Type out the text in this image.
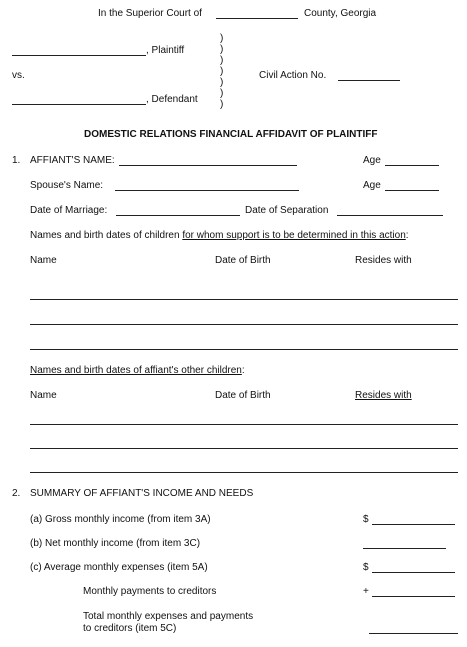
In the Superior Court of	County, Georgia
, Plaintiff
vs.	Civil Action No.
, Defendant
)
)
)
)
)
)
)
DOMESTIC RELATIONS FINANCIAL AFFIDAVIT OF PLAINTIFF
1. AFFIANT'S NAME:	Age
Spouse's Name:	Age
Date of Marriage:	Date of Separation
Names and birth dates of children for whom support is to be determined in this action:
Name	Date of Birth	Resides with
Names and birth dates of affiant's other children:
Name	Date of Birth	Resides with
2. SUMMARY OF AFFIANT'S INCOME AND NEEDS
(a) Gross monthly income (from item 3A)	$
(b) Net monthly income (from item 3C)
(c) Average monthly expenses (item 5A)	$
Monthly payments to creditors	+
Total monthly expenses and payments
to creditors (item 5C)
